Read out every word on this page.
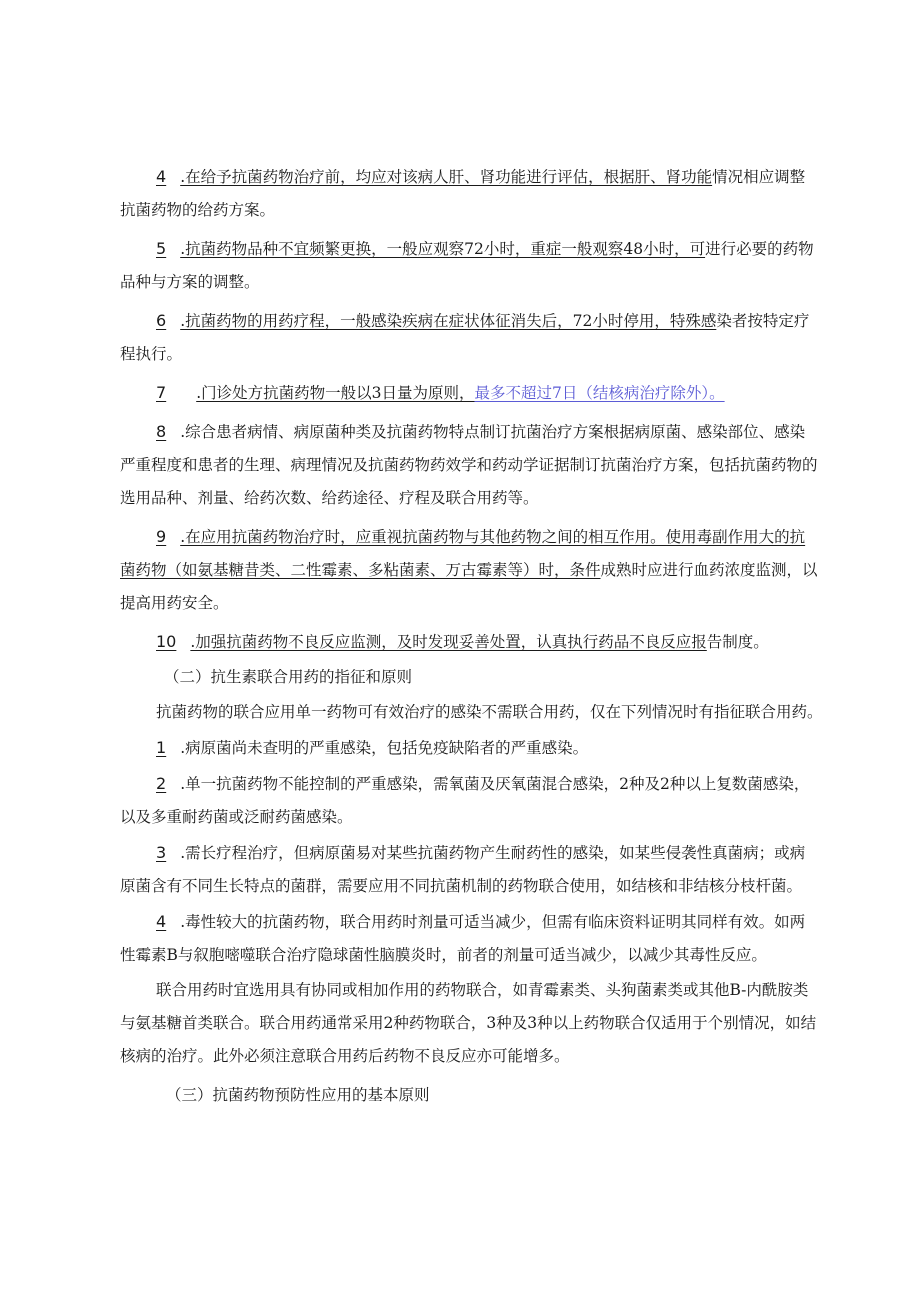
4 .在给予抗菌药物治疗前，均应对该病人肝、肾功能进行评估，根据肝、肾功能情况相应调整
抗菌药物的给药方案。
5 .抗菌药物品种不宜频繁更换，一般应观察72小时，重症一般观察48小时，可进行必要的药物
品种与方案的调整。
6 .抗菌药物的用药疗程，一般感染疾病在症状体征消失后，72小时停用，特殊感染者按特定疗
程执行。
7 .门诊处方抗菌药物一般以3日量为原则，最多不超过7日（结核病治疗除外）。
8 .综合患者病情、病原菌种类及抗菌药物特点制订抗菌治疗方案根据病原菌、感染部位、感染
严重程度和患者的生理、病理情况及抗菌药物药效学和药动学证据制订抗菌治疗方案，包括抗菌药物的
选用品种、剂量、给药次数、给药途径、疗程及联合用药等。
9 .在应用抗菌药物治疗时，应重视抗菌药物与其他药物之间的相互作用。使用毒副作用大的抗
菌药物（如氨基糖昔类、二性霉素、多粘菌素、万古霉素等）时，条件成熟时应进行血药浓度监测，以
提高用药安全。
10 .加强抗菌药物不良反应监测，及时发现妥善处置，认真执行药品不良反应报告制度。
（二）抗生素联合用药的指征和原则
抗菌药物的联合应用单一药物可有效治疗的感染不需联合用药，仅在下列情况时有指征联合用药。
1 .病原菌尚未查明的严重感染，包括免疫缺陷者的严重感染。
2 .单一抗菌药物不能控制的严重感染，需氧菌及厌氧菌混合感染，2种及2种以上复数菌感染，
以及多重耐药菌或泛耐药菌感染。
3 .需长疗程治疗，但病原菌易对某些抗菌药物产生耐药性的感染，如某些侵袭性真菌病；或病
原菌含有不同生长特点的菌群，需要应用不同抗菌机制的药物联合使用，如结核和非结核分枝杆菌。
4 .毒性较大的抗菌药物，联合用药时剂量可适当减少，但需有临床资料证明其同样有效。如两
性霉素B与叙胞嘧噬联合治疗隐球菌性脑膜炎时，前者的剂量可适当减少，以减少其毒性反应。
联合用药时宜选用具有协同或相加作用的药物联合，如青霉素类、头狗菌素类或其他B-内酰胺类
与氨基糖首类联合。联合用药通常采用2种药物联合，3种及3种以上药物联合仅适用于个别情况，如结
核病的治疗。此外必须注意联合用药后药物不良反应亦可能增多。
（三）抗菌药物预防性应用的基本原则
